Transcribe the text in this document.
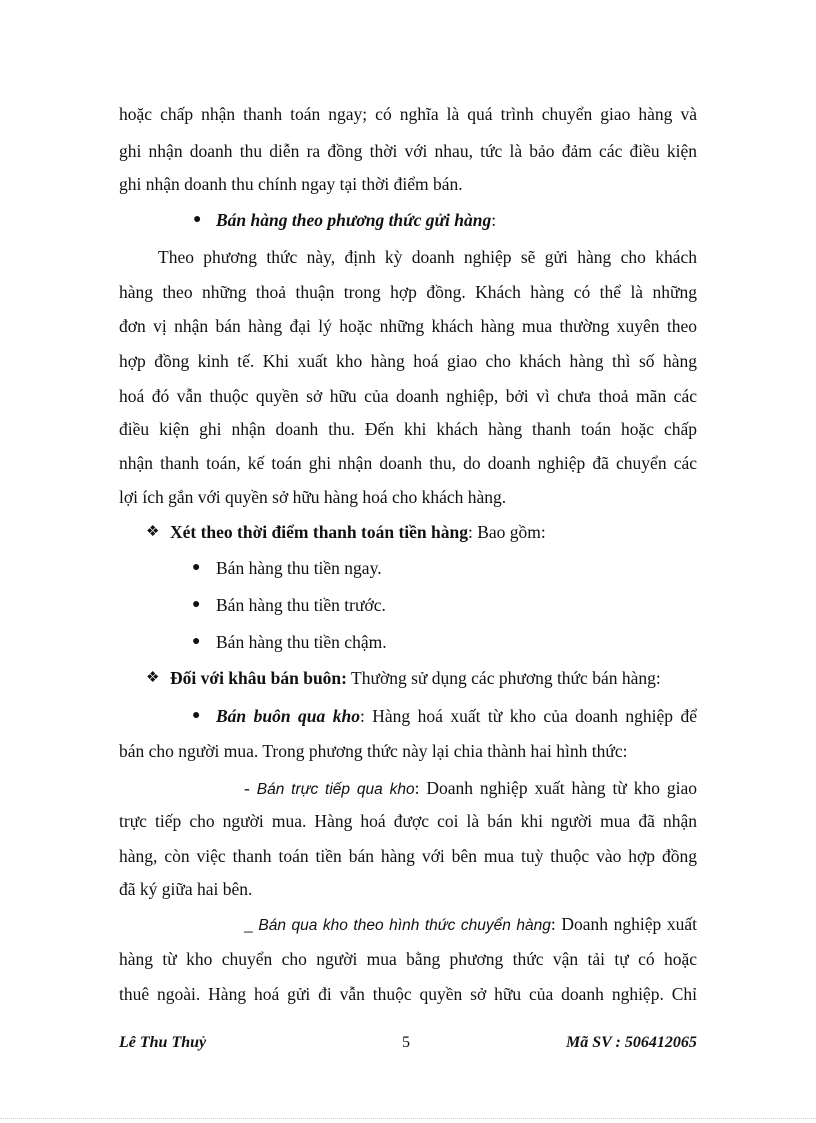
hoặc chấp nhận thanh toán ngay; có nghĩa là quá trình chuyển giao hàng và
ghi nhận doanh thu diễn ra đồng thời với nhau, tức là bảo đảm các điều kiện
ghi nhận doanh thu chính ngay tại thời điểm bán.
● Bán hàng theo phương thức gửi hàng:
Theo phương thức này, định kỳ doanh nghiệp sẽ gửi hàng cho khách
hàng theo những thoả thuận trong hợp đồng. Khách hàng có thể là những
đơn vị nhận bán hàng đại lý hoặc những khách hàng mua thường xuyên theo
hợp đồng kinh tế. Khi xuất kho hàng hoá giao cho khách hàng thì số hàng
hoá đó vẫn thuộc quyền sở hữu của doanh nghiệp, bởi vì chưa thoả mãn các
điều kiện ghi nhận doanh thu. Đến khi khách hàng thanh toán hoặc chấp
nhận thanh toán, kế toán ghi nhận doanh thu, do doanh nghiệp đã chuyển các
lợi ích gắn với quyền sở hữu hàng hoá cho khách hàng.
❖ Xét theo thời điểm thanh toán tiền hàng: Bao gồm:
● Bán hàng thu tiền ngay.
● Bán hàng thu tiền trước.
● Bán hàng thu tiền chậm.
❖ Đối với khâu bán buôn: Thường sử dụng các phương thức bán hàng:
● Bán buôn qua kho: Hàng hoá xuất từ kho của doanh nghiệp để
bán cho người mua. Trong phương thức này lại chia thành hai hình thức:
- Bán trực tiếp qua kho: Doanh nghiệp xuất hàng từ kho giao
trực tiếp cho người mua. Hàng hoá được coi là bán khi người mua đã nhận
hàng, còn việc thanh toán tiền bán hàng với bên mua tuỳ thuộc vào hợp đồng
đã ký giữa hai bên.
_ Bán qua kho theo hình thức chuyển hàng: Doanh nghiệp xuất
hàng từ kho chuyển cho người mua bằng phương thức vận tải tự có hoặc
thuê ngoài. Hàng hoá gửi đi vẫn thuộc quyền sở hữu của doanh nghiệp. Chỉ
Lê Thu Thuỷ	5	Mã SV : 506412065
